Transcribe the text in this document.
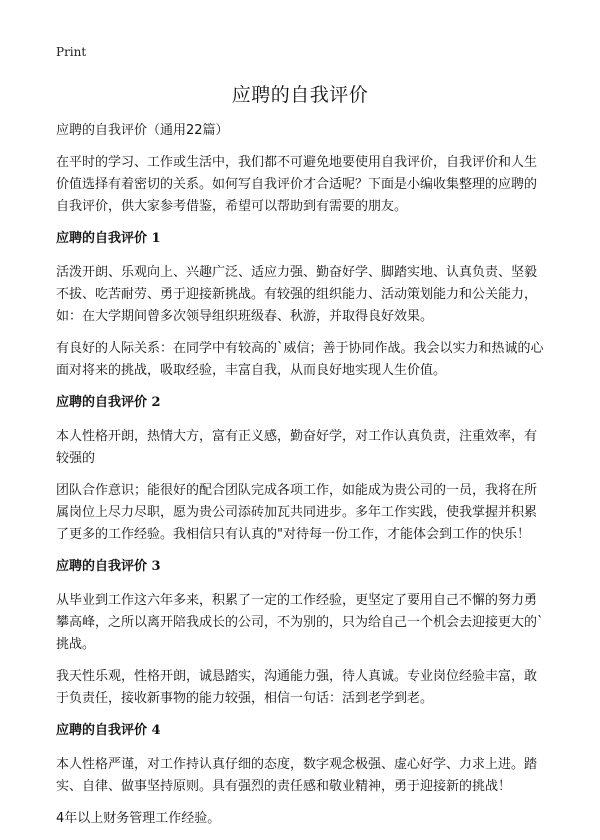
Print
应聘的自我评价

应聘的自我评价（通用22篇）

在平时的学习、工作或生活中，我们都不可避免地要使用自我评价，自我评价和人生价值选择有着密切的关系。如何写自我评价才合适呢？下面是小编收集整理的应聘的自我评价，供大家参考借鉴，希望可以帮助到有需要的朋友。

应聘的自我评价 1

活泼开朗、乐观向上、兴趣广泛、适应力强、勤奋好学、脚踏实地、认真负责、坚毅不拔、吃苦耐劳、勇于迎接新挑战。有较强的组织能力、活动策划能力和公关能力，如：在大学期间曾多次领导组织班级春、秋游，并取得良好效果。

有良好的人际关系：在同学中有较高的`威信；善于协同作战。我会以实力和热诚的心面对将来的挑战，吸取经验，丰富自我，从而良好地实现人生价值。

应聘的自我评价 2

本人性格开朗，热情大方，富有正义感，勤奋好学，对工作认真负责，注重效率，有较强的

团队合作意识；能很好的配合团队完成各项工作，如能成为贵公司的一员，我将在所属岗位上尽力尽职，愿为贵公司添砖加瓦共同进步。多年工作实践，使我掌握并积累了更多的工作经验。我相信只有认真的"对待每一份工作，才能体会到工作的快乐！

应聘的自我评价 3

从毕业到工作这六年多来，积累了一定的工作经验，更坚定了要用自己不懈的努力勇攀高峰，之所以离开陪我成长的公司，不为别的，只为给自己一个机会去迎接更大的`挑战。

我天性乐观，性格开朗，诚恳踏实，沟通能力强，待人真诚。专业岗位经验丰富，敢于负责任，接收新事物的能力较强，相信一句话：活到老学到老。

应聘的自我评价 4

本人性格严谨，对工作持认真仔细的态度，数字观念极强、虚心好学、力求上进。踏实、自律、做事坚持原则。具有强烈的责任感和敬业精神，勇于迎接新的挑战！

4年以上财务管理工作经验。
